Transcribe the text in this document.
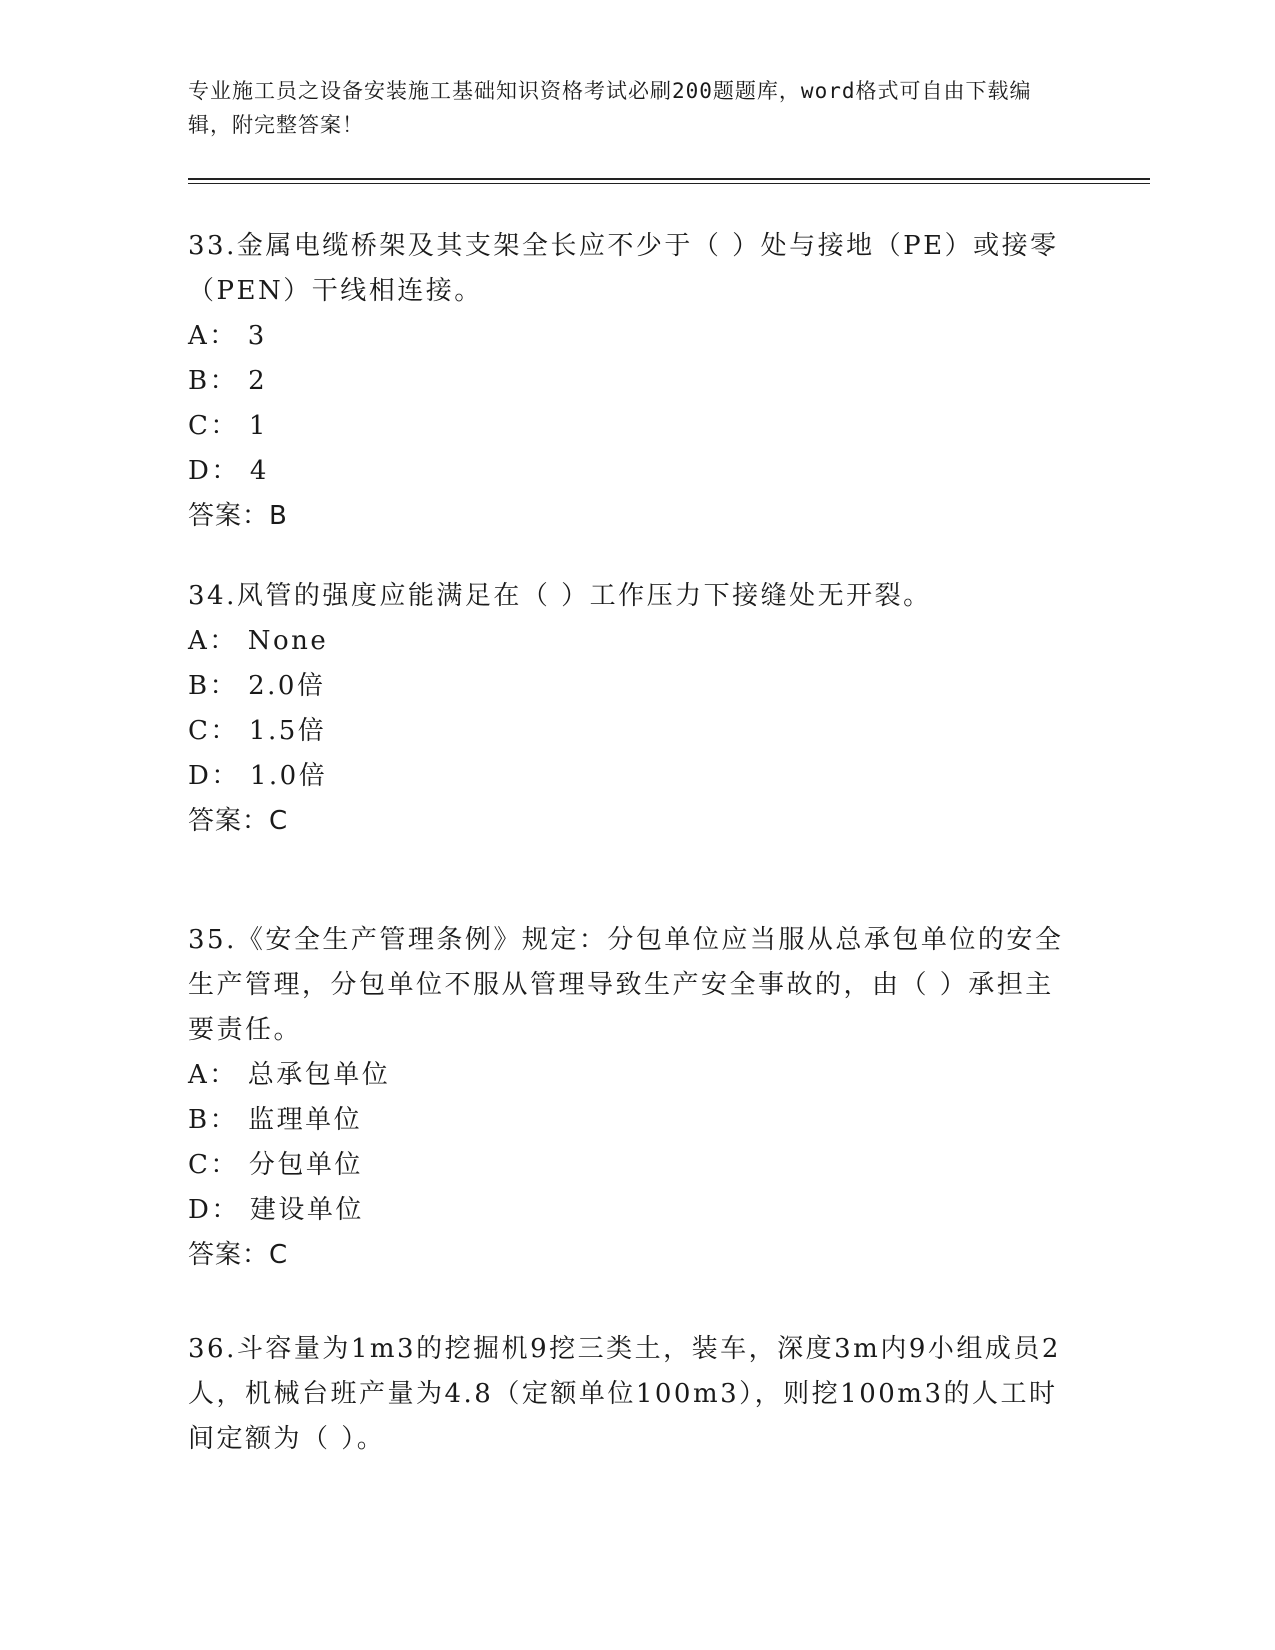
专业施工员之设备安装施工基础知识资格考试必刷200题题库，word格式可自由下载编辑，附完整答案！

33.金属电缆桥架及其支架全长应不少于（ ）处与接地（PE）或接零（PEN）干线相连接。

A： 3

B： 2

C： 1

D： 4

答案：B

34.风管的强度应能满足在（ ）工作压力下接缝处无开裂。

A： None

B： 2.0倍

C： 1.5倍

D： 1.0倍

答案：C

35.《安全生产管理条例》规定：分包单位应当服从总承包单位的安全生产管理，分包单位不服从管理导致生产安全事故的，由（ ）承担主要责任。

A： 总承包单位

B： 监理单位

C： 分包单位

D： 建设单位

答案：C

36.斗容量为1m3的挖掘机9挖三类土，装车，深度3m内9小组成员2人，机械台班产量为4.8（定额单位100m3），则挖100m3的人工时间定额为（ ）。
